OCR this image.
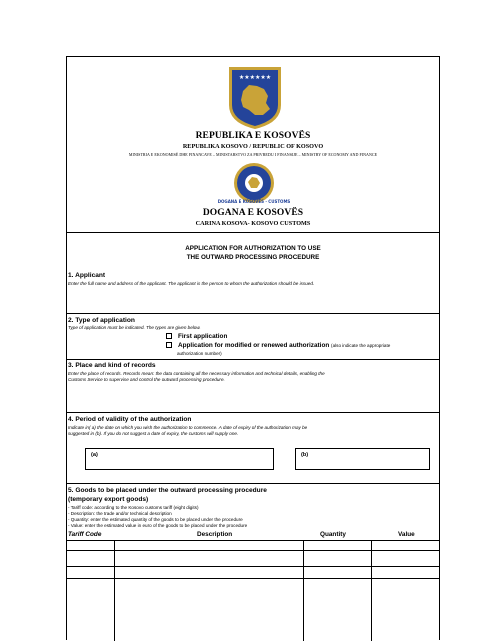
★★★★★★
REPUBLIKA E KOSOVËS
REPUBLIKA KOSOVO / REPUBLIC OF KOSOVO
MINISTRIA E EKONOMISË DHE FINANCAVE – MINISTARSTVO ZA PRIVREDU I FINANSIJE – MINISTRY OF ECONOMY AND FINANCE
DOGANA E KOSOVËS · CUSTOMS
DOGANA E KOSOVËS
CARINA KOSOVA- KOSOVO CUSTOMS
APPLICATION FOR AUTHORIZATION TO USE
THE OUTWARD PROCESSING PROCEDURE
1. Applicant
Enter the full name and address of the applicant. The applicant is the person to whom the authorization should be issued.
2. Type of application
Type of application must be indicated. The types are given below.
First application
Application for modified or renewed authorization (also indicate the appropriate
authorization number)
3. Place and kind of records
Enter the place of records. Records mean: the data containing all the necessary information and technical details, enabling the
Customs Service to supervise and control the outward processing procedure.
4. Period of validity of the authorization
Indicate in( a) the date on which you wish the authorization to commence. A date of expiry of the authorization may be
suggested in (b). If you do not suggest a date of expiry, the customs will supply one.
(a)	(b)
5. Goods to be placed under the outward processing procedure
(temporary export goods)
- Tariff code: according to the Kosovo customs tariff (eight digits)
- Description: the trade and/or technical description
- Quantity: enter the estimated quantity of the goods to be placed under the procedure
- Value: enter the estimated value in euro of the goods to be placed under the procedure
Tariff Code	Description	Quantity	Value
